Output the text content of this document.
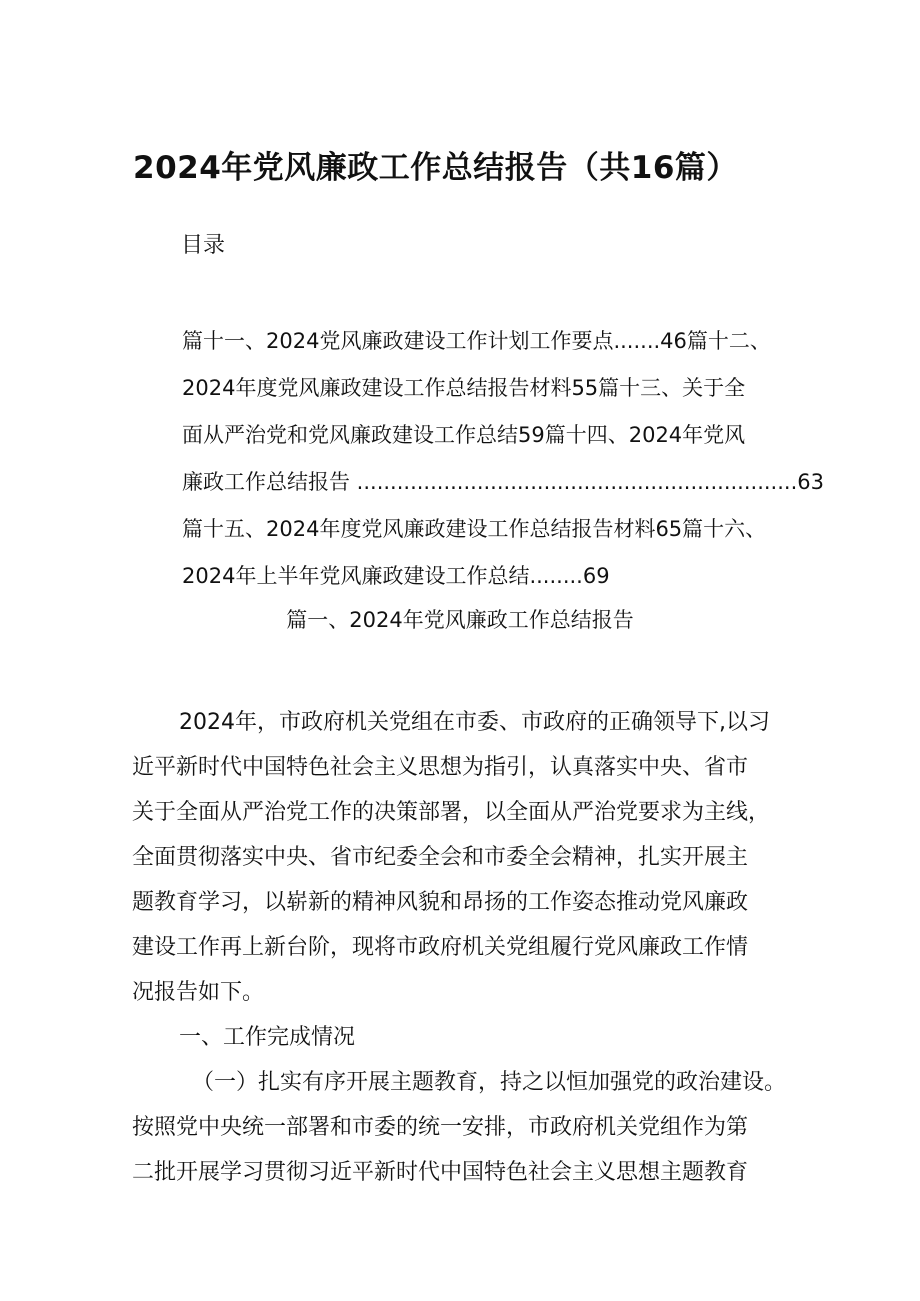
2024年党风廉政工作总结报告（共16篇）
目录
篇十一、2024党风廉政建设工作计划工作要点.......46篇十二、
2024年度党风廉政建设工作总结报告材料55篇十三、关于全
面从严治党和党风廉政建设工作总结59篇十四、2024年党风
廉政工作总结报告 ..................................................................63
篇十五、2024年度党风廉政建设工作总结报告材料65篇十六、
2024年上半年党风廉政建设工作总结........69
篇一、2024年党风廉政工作总结报告
2024年，市政府机关党组在市委、市政府的正确领导下,以习
近平新时代中国特色社会主义思想为指引，认真落实中央、省市
关于全面从严治党工作的决策部署，以全面从严治党要求为主线，
全面贯彻落实中央、省市纪委全会和市委全会精神，扎实开展主
题教育学习，以崭新的精神风貌和昂扬的工作姿态推动党风廉政
建设工作再上新台阶，现将市政府机关党组履行党风廉政工作情
况报告如下。
一、工作完成情况
（一）扎实有序开展主题教育，持之以恒加强党的政治建设。
按照党中央统一部署和市委的统一安排，市政府机关党组作为第
二批开展学习贯彻习近平新时代中国特色社会主义思想主题教育
